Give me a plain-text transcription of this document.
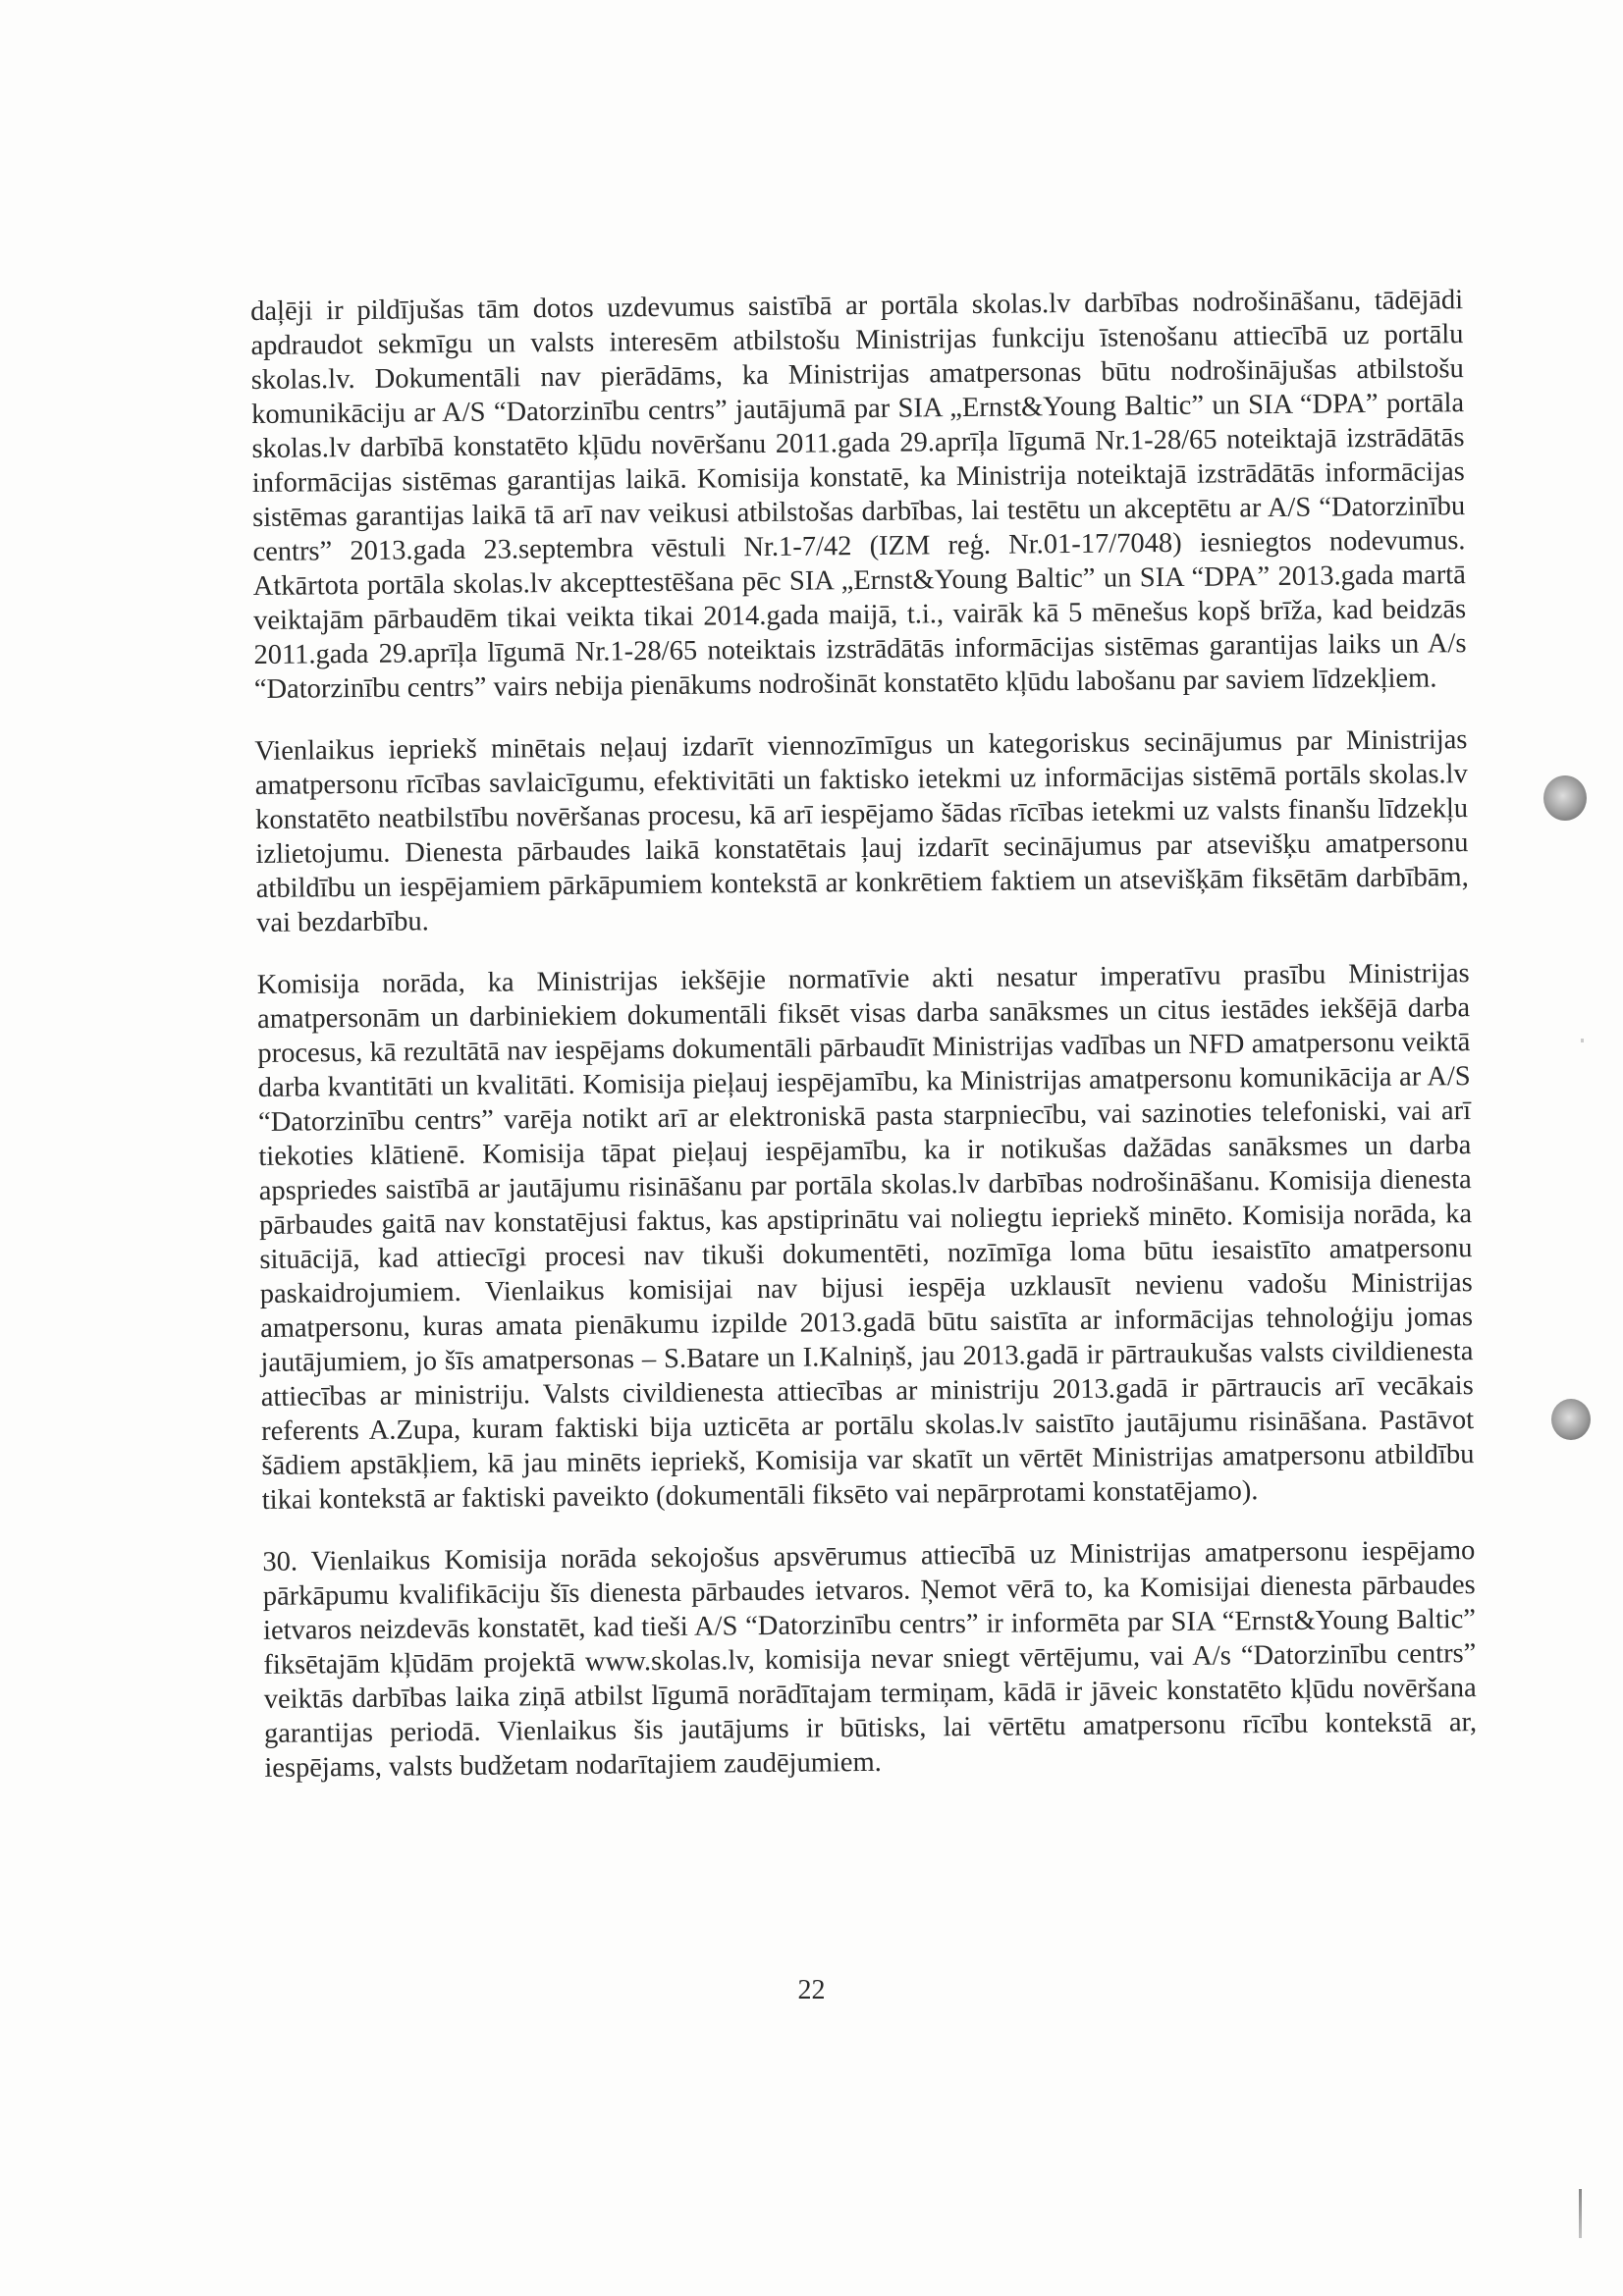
daļēji ir pildījušas tām dotos uzdevumus saistībā ar portāla skolas.lv darbības nodrošināšanu, tādējādi apdraudot sekmīgu un valsts interesēm atbilstošu Ministrijas funkciju īstenošanu attiecībā uz portālu skolas.lv. Dokumentāli nav pierādāms, ka Ministrijas amatpersonas būtu nodrošinājušas atbilstošu komunikāciju ar A/S “Datorzinību centrs” jautājumā par SIA „Ernst&Young Baltic” un SIA “DPA” portāla skolas.lv darbībā konstatēto kļūdu novēršanu 2011.gada 29.aprīļa līgumā Nr.1-28/65 noteiktajā izstrādātās informācijas sistēmas garantijas laikā. Komisija konstatē, ka Ministrija noteiktajā izstrādātās informācijas sistēmas garantijas laikā tā arī nav veikusi atbilstošas darbības, lai testētu un akceptētu ar A/S “Datorzinību centrs” 2013.gada 23.septembra vēstuli Nr.1-7/42 (IZM reģ. Nr.01-17/7048) iesniegtos nodevumus. Atkārtota portāla skolas.lv akcepttestēšana pēc SIA „Ernst&Young Baltic” un SIA “DPA” 2013.gada martā veiktajām pārbaudēm tikai veikta tikai 2014.gada maijā, t.i., vairāk kā 5 mēnešus kopš brīža, kad beidzās 2011.gada 29.aprīļa līgumā Nr.1-28/65 noteiktais izstrādātās informācijas sistēmas garantijas laiks un A/s “Datorzinību centrs” vairs nebija pienākums nodrošināt konstatēto kļūdu labošanu par saviem līdzekļiem.

Vienlaikus iepriekš minētais neļauj izdarīt viennozīmīgus un kategoriskus secinājumus par Ministrijas amatpersonu rīcības savlaicīgumu, efektivitāti un faktisko ietekmi uz informācijas sistēmā portāls skolas.lv konstatēto neatbilstību novēršanas procesu, kā arī iespējamo šādas rīcības ietekmi uz valsts finanšu līdzekļu izlietojumu. Dienesta pārbaudes laikā konstatētais ļauj izdarīt secinājumus par atsevišķu amatpersonu atbildību un iespējamiem pārkāpumiem kontekstā ar konkrētiem faktiem un atsevišķām fiksētām darbībām, vai bezdarbību.

Komisija norāda, ka Ministrijas iekšējie normatīvie akti nesatur imperatīvu prasību Ministrijas amatpersonām un darbiniekiem dokumentāli fiksēt visas darba sanāksmes un citus iestādes iekšējā darba procesus, kā rezultātā nav iespējams dokumentāli pārbaudīt Ministrijas vadības un NFD amatpersonu veiktā darba kvantitāti un kvalitāti. Komisija pieļauj iespējamību, ka Ministrijas amatpersonu komunikācija ar A/S “Datorzinību centrs” varēja notikt arī ar elektroniskā pasta starpniecību, vai sazinoties telefoniski, vai arī tiekoties klātienē. Komisija tāpat pieļauj iespējamību, ka ir notikušas dažādas sanāksmes un darba apspriedes saistībā ar jautājumu risināšanu par portāla skolas.lv darbības nodrošināšanu. Komisija dienesta pārbaudes gaitā nav konstatējusi faktus, kas apstiprinātu vai noliegtu iepriekš minēto. Komisija norāda, ka situācijā, kad attiecīgi procesi nav tikuši dokumentēti, nozīmīga loma būtu iesaistīto amatpersonu paskaidrojumiem. Vienlaikus komisijai nav bijusi iespēja uzklausīt nevienu vadošu Ministrijas amatpersonu, kuras amata pienākumu izpilde 2013.gadā būtu saistīta ar informācijas tehnoloģiju jomas jautājumiem, jo šīs amatpersonas – S.Batare un I.Kalniņš, jau 2013.gadā ir pārtraukušas valsts civildienesta attiecības ar ministriju. Valsts civildienesta attiecības ar ministriju 2013.gadā ir pārtraucis arī vecākais referents A.Zupa, kuram faktiski bija uzticēta ar portālu skolas.lv saistīto jautājumu risināšana. Pastāvot šādiem apstākļiem, kā jau minēts iepriekš, Komisija var skatīt un vērtēt Ministrijas amatpersonu atbildību tikai kontekstā ar faktiski paveikto (dokumentāli fiksēto vai nepārprotami konstatējamo).

30. Vienlaikus Komisija norāda sekojošus apsvērumus attiecībā uz Ministrijas amatpersonu iespējamo pārkāpumu kvalifikāciju šīs dienesta pārbaudes ietvaros. Ņemot vērā to, ka Komisijai dienesta pārbaudes ietvaros neizdevās konstatēt, kad tieši A/S “Datorzinību centrs” ir informēta par SIA “Ernst&Young Baltic” fiksētajām kļūdām projektā www.skolas.lv, komisija nevar sniegt vērtējumu, vai A/s “Datorzinību centrs” veiktās darbības laika ziņā atbilst līgumā norādītajam termiņam, kādā ir jāveic konstatēto kļūdu novēršana garantijas periodā. Vienlaikus šis jautājums ir būtisks, lai vērtētu amatpersonu rīcību kontekstā ar, iespējams, valsts budžetam nodarītajiem zaudējumiem.

22
